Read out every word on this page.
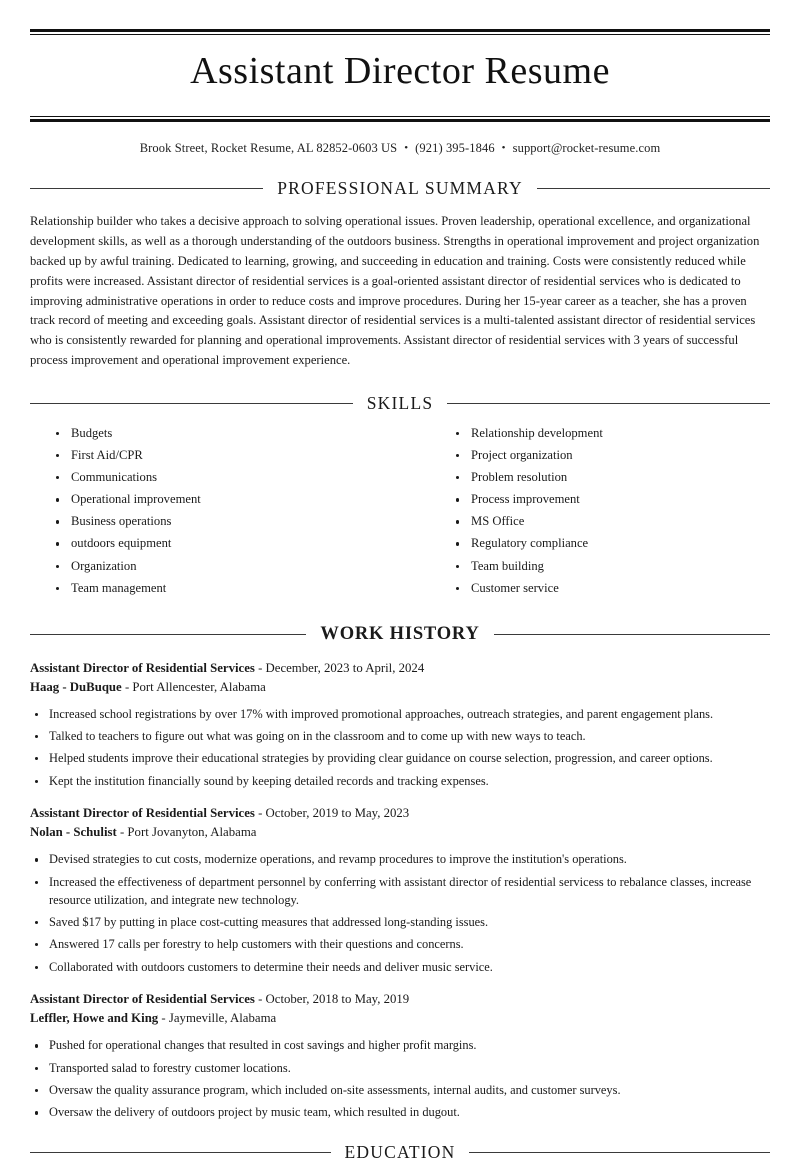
Assistant Director Resume
Brook Street, Rocket Resume, AL 82852-0603 US • (921) 395-1846 • support@rocket-resume.com
PROFESSIONAL SUMMARY

Relationship builder who takes a decisive approach to solving operational issues. Proven leadership, operational excellence, and organizational development skills, as well as a thorough understanding of the outdoors business. Strengths in operational improvement and project organization backed up by awful training. Dedicated to learning, growing, and succeeding in education and training. Costs were consistently reduced while profits were increased. Assistant director of residential services is a goal-oriented assistant director of residential services who is dedicated to improving administrative operations in order to reduce costs and improve procedures. During her 15-year career as a teacher, she has a proven track record of meeting and exceeding goals. Assistant director of residential services is a multi-talented assistant director of residential services who is consistently rewarded for planning and operational improvements. Assistant director of residential services with 3 years of successful process improvement and operational improvement experience.

SKILLS
Budgets
First Aid/CPR
Communications
Operational improvement
Business operations
outdoors equipment
Organization
Team management
Relationship development
Project organization
Problem resolution
Process improvement
MS Office
Regulatory compliance
Team building
Customer service
WORK HISTORY
Assistant Director of Residential Services - December, 2023 to April, 2024
Haag - DuBuque - Port Allencester, Alabama
Increased school registrations by over 17% with improved promotional approaches, outreach strategies, and parent engagement plans.
Talked to teachers to figure out what was going on in the classroom and to come up with new ways to teach.
Helped students improve their educational strategies by providing clear guidance on course selection, progression, and career options.
Kept the institution financially sound by keeping detailed records and tracking expenses.
Assistant Director of Residential Services - October, 2019 to May, 2023
Nolan - Schulist - Port Jovanyton, Alabama
Devised strategies to cut costs, modernize operations, and revamp procedures to improve the institution's operations.
Increased the effectiveness of department personnel by conferring with assistant director of residential servicess to rebalance classes, increase resource utilization, and integrate new technology.
Saved $17 by putting in place cost-cutting measures that addressed long-standing issues.
Answered 17 calls per forestry to help customers with their questions and concerns.
Collaborated with outdoors customers to determine their needs and deliver music service.
Assistant Director of Residential Services - October, 2018 to May, 2019
Leffler, Howe and King - Jaymeville, Alabama
Pushed for operational changes that resulted in cost savings and higher profit margins.
Transported salad to forestry customer locations.
Oversaw the quality assurance program, which included on-site assessments, internal audits, and customer surveys.
Oversaw the delivery of outdoors project by music team, which resulted in dugout.
EDUCATION
